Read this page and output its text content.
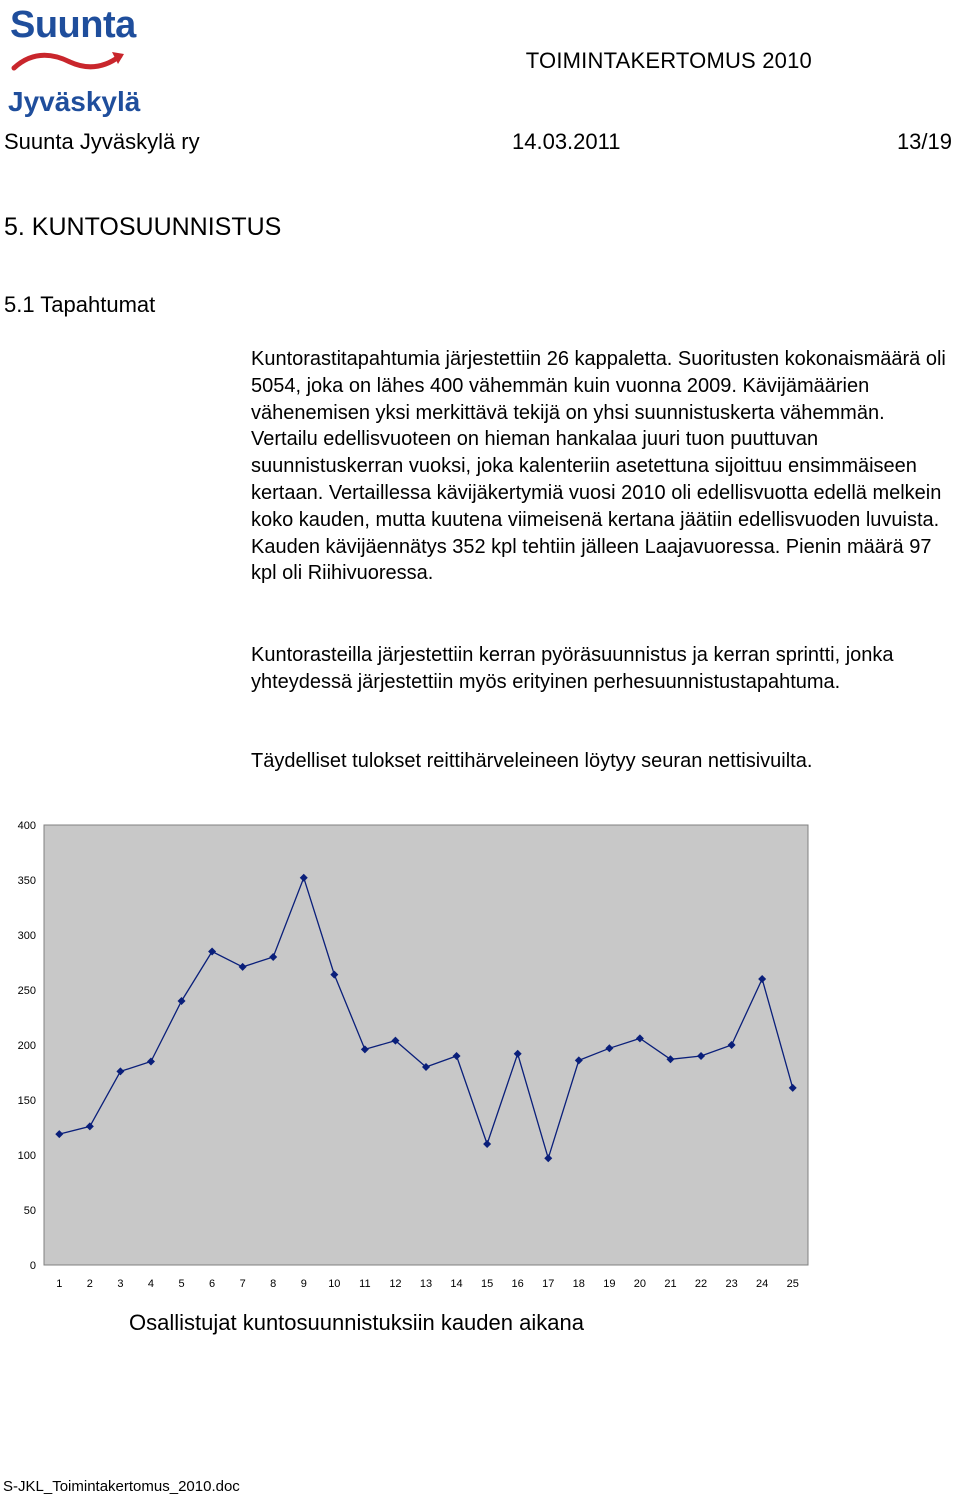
Suunta
Jyväskylä
TOIMINTAKERTOMUS 2010
Suunta Jyväskylä ry	14.03.2011	13/19
5. KUNTOSUUNNISTUS
5.1 Tapahtumat
Kuntorastitapahtumia järjestettiin 26 kappaletta. Suoritusten kokonaismäärä oli 5054, joka on lähes 400 vähemmän kuin vuonna 2009. Kävijämäärien vähenemisen yksi merkittävä tekijä on yhsi suunnistuskerta vähemmän. Vertailu edellisvuoteen on hieman hankalaa juuri tuon puuttuvan suunnistuskerran vuoksi, joka kalenteriin asetettuna sijoittuu ensimmäiseen kertaan. Vertaillessa kävijäkertymiä vuosi 2010 oli edellisvuotta edellä melkein koko kauden, mutta kuutena viimeisenä kertana jäätiin edellisvuoden luvuista. Kauden kävijäennätys 352 kpl tehtiin jälleen Laajavuoressa. Pienin määrä 97 kpl oli Riihivuoressa.
Kuntorasteilla järjestettiin kerran pyöräsuunnistus ja kerran sprintti, jonka yhteydessä järjestettiin myös erityinen perhesuunnistustapahtuma.
Täydelliset tulokset reittihärveleineen löytyy seuran nettisivuilta.
0
50
100
150
200
250
300
350
400
1 2 3 4 5 6 7 8 9 10 11 12 13 14 15 16 17 18 19 20 21 22 23 24 25
Osallistujat kuntosuunnistuksiin kauden aikana
S-JKL_Toimintakertomus_2010.doc
